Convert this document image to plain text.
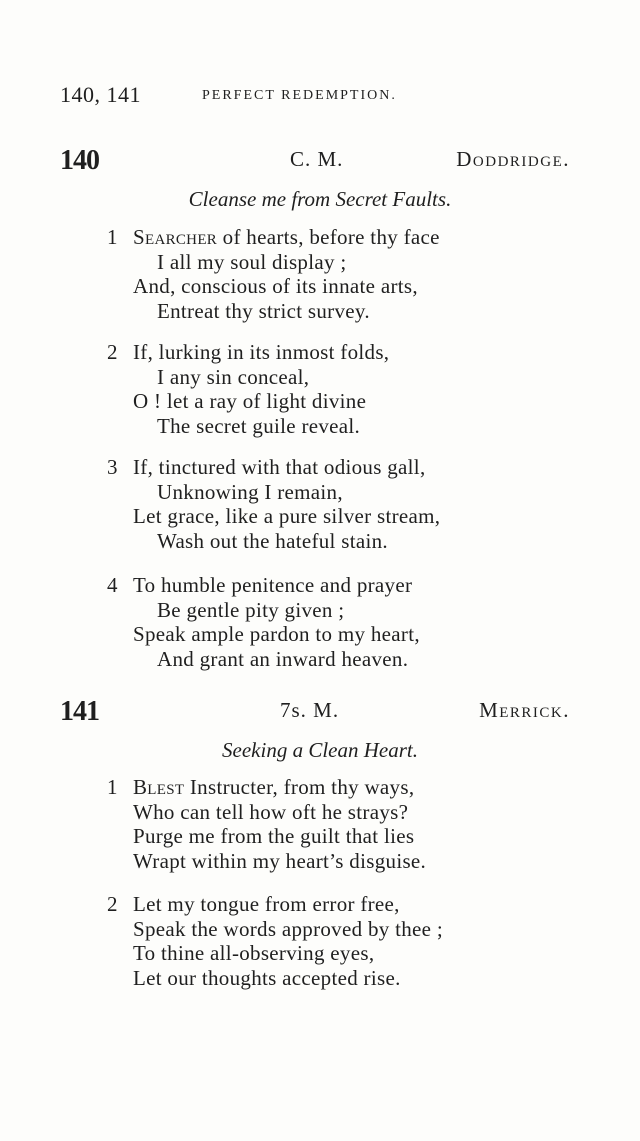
140, 141	PERFECT REDEMPTION.
140	C. M.	Doddridge.
Cleanse me from Secret Faults.
1 Searcher of hearts, before thy face
I all my soul display ;
And, conscious of its innate arts,
Entreat thy strict survey.
2 If, lurking in its inmost folds,
I any sin conceal,
O ! let a ray of light divine
The secret guile reveal.
3 If, tinctured with that odious gall,
Unknowing I remain,
Let grace, like a pure silver stream,
Wash out the hateful stain.
4 To humble penitence and prayer
Be gentle pity given ;
Speak ample pardon to my heart,
And grant an inward heaven.
141	7s. M.	Merrick.
Seeking a Clean Heart.
1 Blest Instructer, from thy ways,
Who can tell how oft he strays?
Purge me from the guilt that lies
Wrapt within my heart’s disguise.
2 Let my tongue from error free,
Speak the words approved by thee ;
To thine all-observing eyes,
Let our thoughts accepted rise.
